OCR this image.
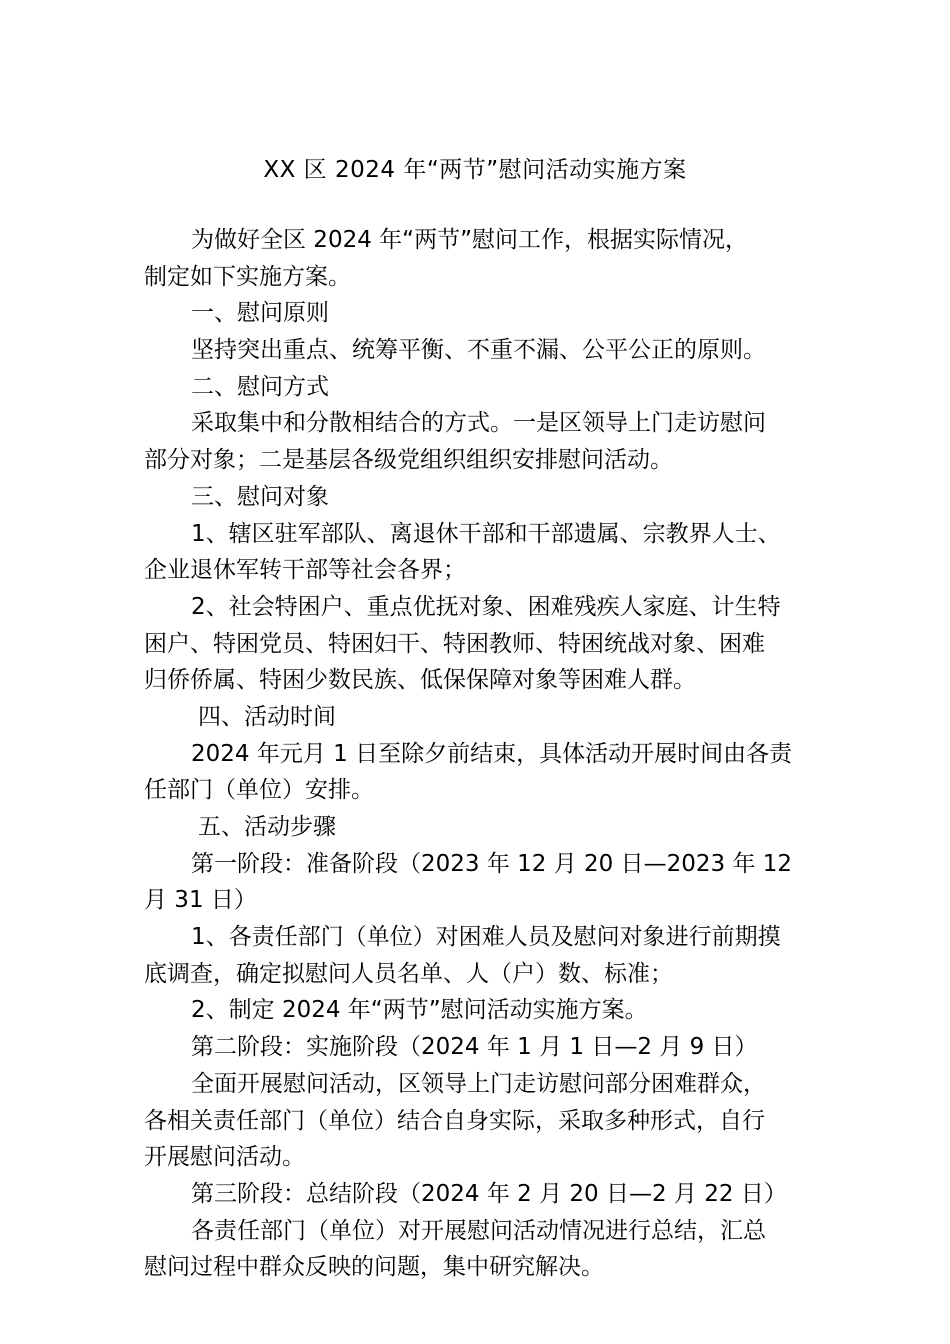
XX 区 2024 年“两节”慰问活动实施方案
为做好全区 2024 年“两节”慰问工作，根据实际情况，
制定如下实施方案。
一、慰问原则
坚持突出重点、统筹平衡、不重不漏、公平公正的原则。
二、慰问方式
采取集中和分散相结合的方式。一是区领导上门走访慰问
部分对象；二是基层各级党组织组织安排慰问活动。
三、慰问对象
1、辖区驻军部队、离退休干部和干部遗属、宗教界人士、
企业退休军转干部等社会各界；
2、社会特困户、重点优抚对象、困难残疾人家庭、计生特
困户、特困党员、特困妇干、特困教师、特困统战对象、困难
归侨侨属、特困少数民族、低保保障对象等困难人群。
四、活动时间
2024 年元月 1 日至除夕前结束，具体活动开展时间由各责
任部门（单位）安排。
五、活动步骤
第一阶段：准备阶段（2023 年 12 月 20 日—2023 年 12
月 31 日）
1、各责任部门（单位）对困难人员及慰问对象进行前期摸
底调查，确定拟慰问人员名单、人（户）数、标准；
2、制定 2024 年“两节”慰问活动实施方案。
第二阶段：实施阶段（2024 年 1 月 1 日—2 月 9 日）
全面开展慰问活动，区领导上门走访慰问部分困难群众，
各相关责任部门（单位）结合自身实际，采取多种形式，自行
开展慰问活动。
第三阶段：总结阶段（2024 年 2 月 20 日—2 月 22 日）
各责任部门（单位）对开展慰问活动情况进行总结，汇总
慰问过程中群众反映的问题，集中研究解决。
